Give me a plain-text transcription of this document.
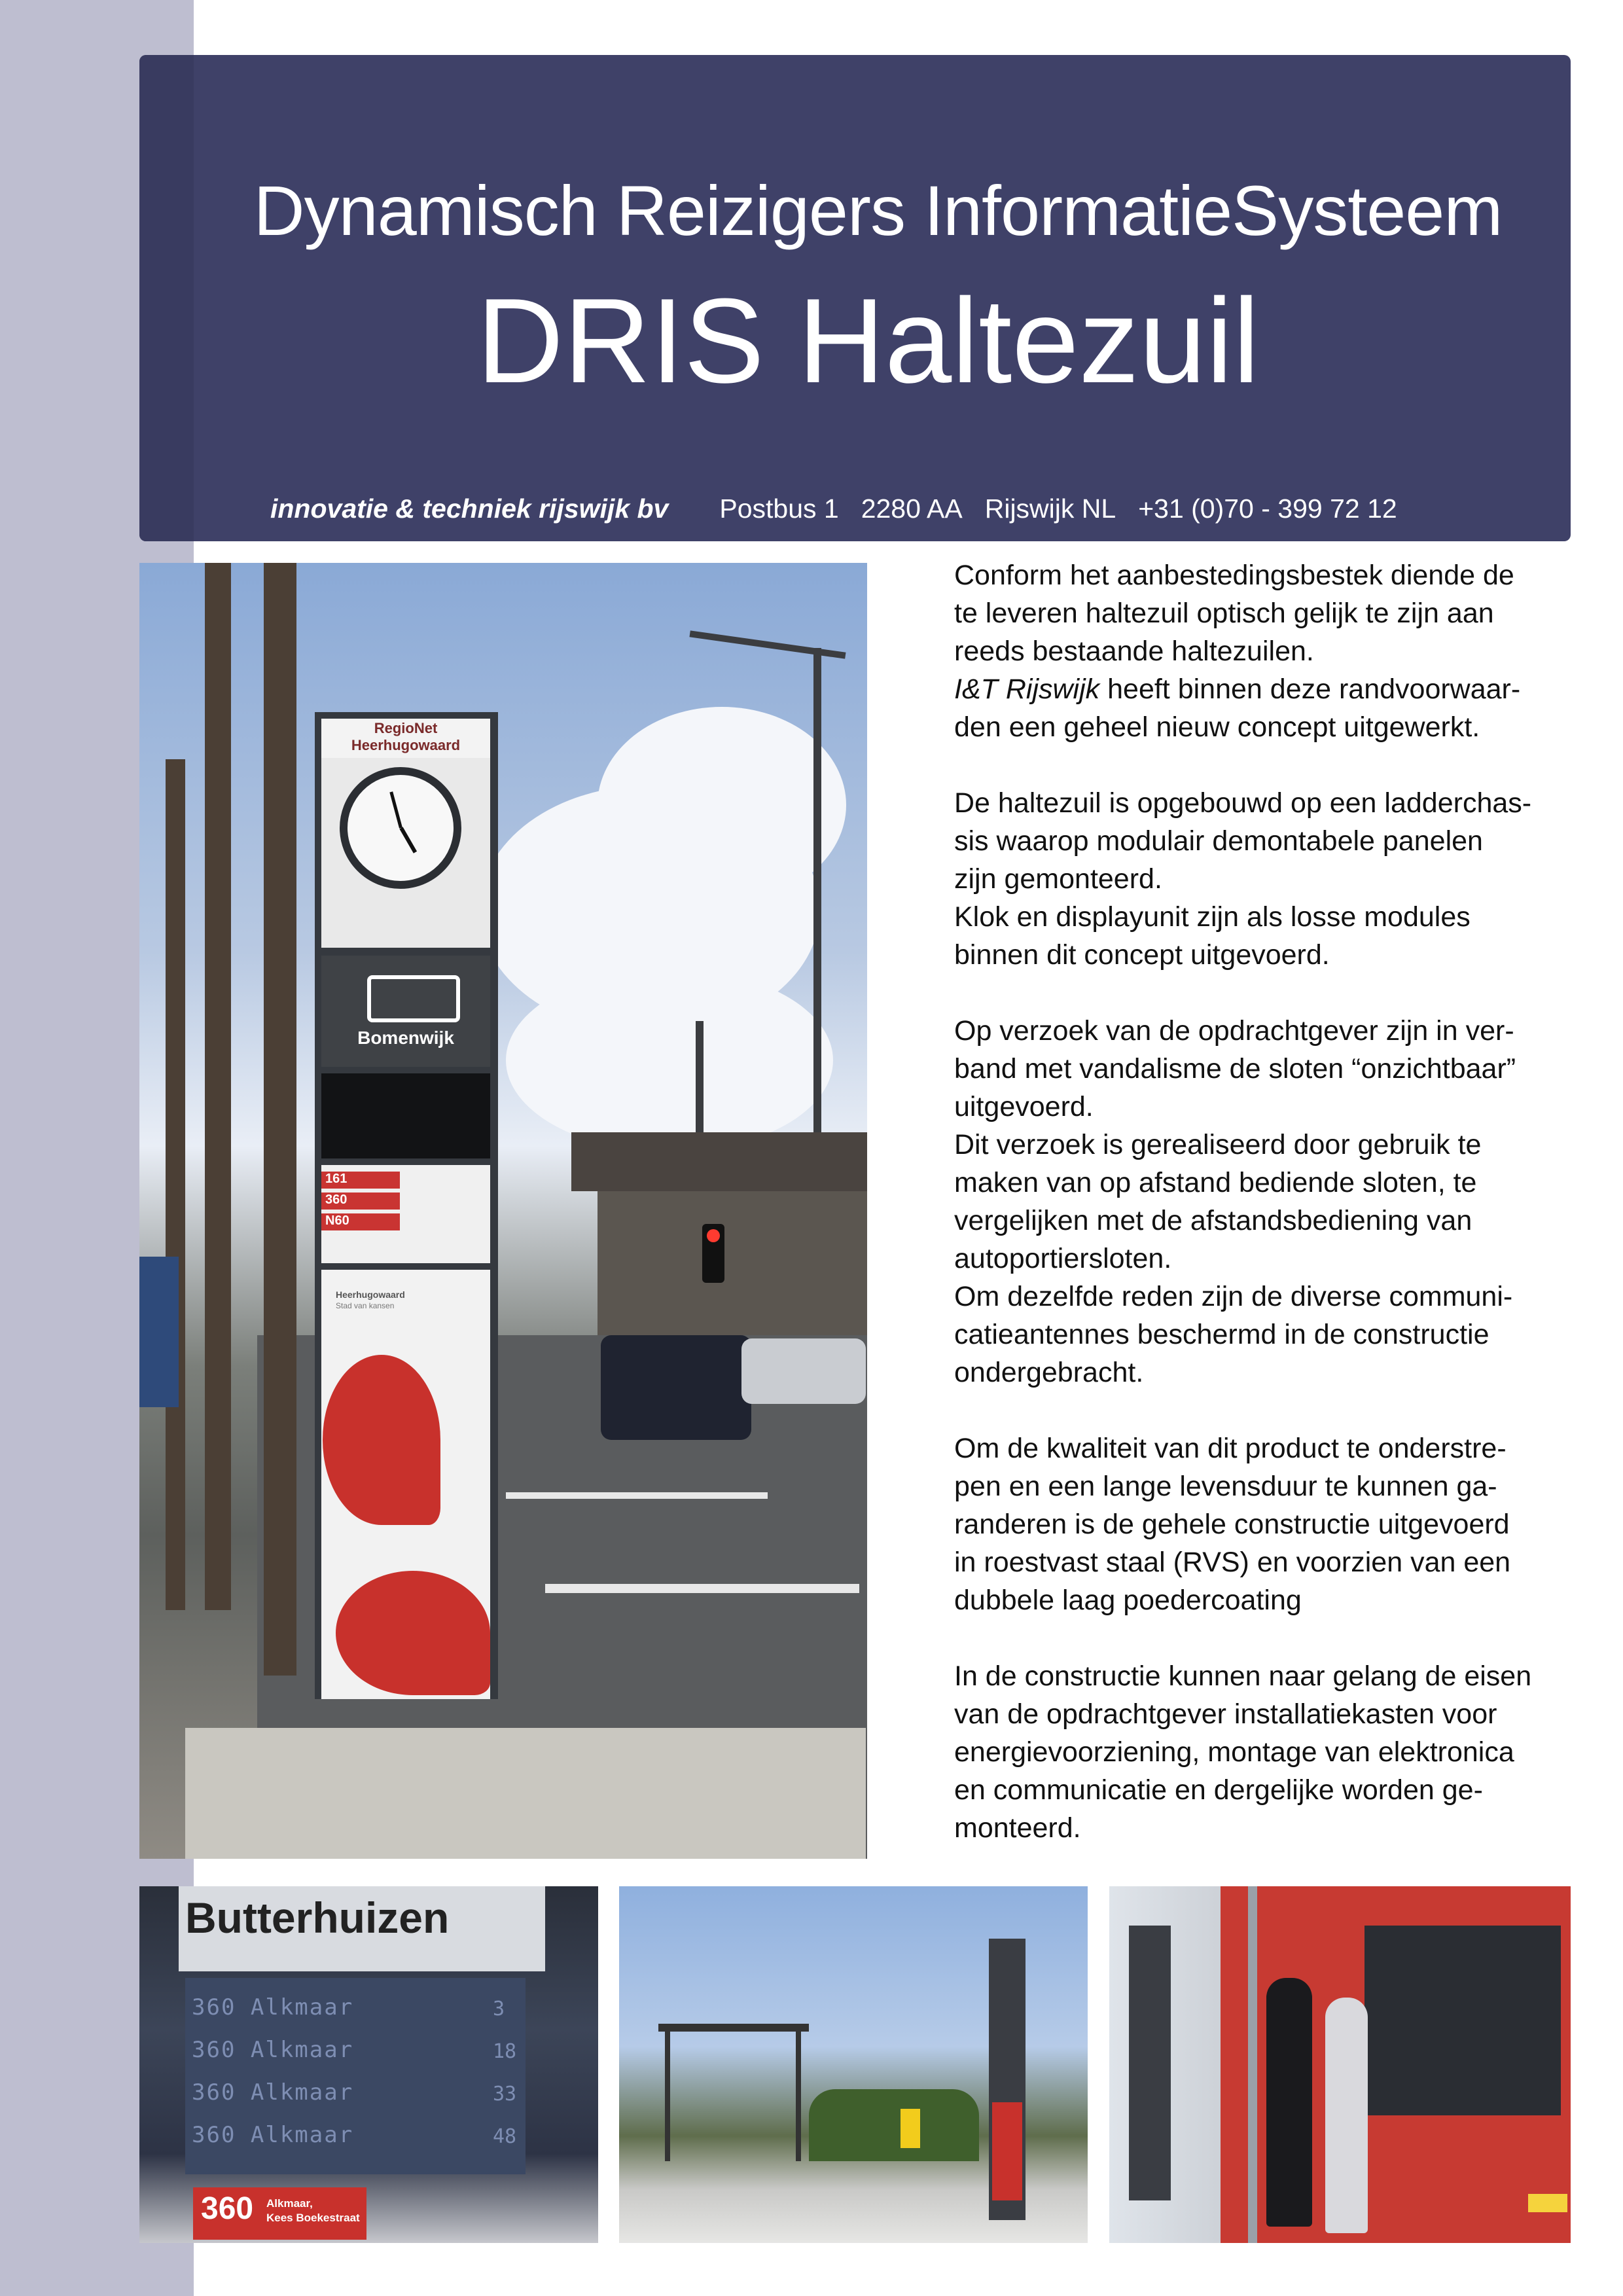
Dynamisch Reizigers InformatieSysteem
DRIS Haltezuil
innovatie & techniek rijswijk bv Postbus 1 2280 AA Rijswijk NL +31 (0)70 - 399 72 12
RegioNet
Heerhugowaard
Bomenwijk
161
360
N60
Heerhugowaard
Stad van kansen

Conform het aanbestedingsbestek diende de
te leveren haltezuil optisch gelijk te zijn aan
reeds bestaande haltezuilen.
I&T Rijswijk heeft binnen deze randvoorwaar-
den een geheel nieuw concept uitgewerkt.

De haltezuil is opgebouwd op een ladderchas-
sis waarop modulair demontabele panelen
zijn gemonteerd.
Klok en displayunit zijn als losse modules
binnen dit concept uitgevoerd.

Op verzoek van de opdrachtgever zijn in ver-
band met vandalisme de sloten “onzichtbaar”
uitgevoerd.
Dit verzoek is gerealiseerd door gebruik te
maken van op afstand bediende sloten, te
vergelijken met de afstandsbediening van
autoportiersloten.
Om dezelfde reden zijn de diverse communi-
catieantennes beschermd in de constructie
ondergebracht.

Om de kwaliteit van dit product te onderstre-
pen en een lange levensduur te kunnen ga-
randeren is de gehele constructie uitgevoerd
in roestvast staal (RVS) en voorzien van een
dubbele laag poedercoating

In de constructie kunnen naar gelang de eisen
van de opdrachtgever installatiekasten voor
energievoorziening, montage van elektronica
en communicatie en dergelijke worden ge-
monteerd.

Butterhuizen
360 Alkmaar	3
360 Alkmaar	18
360 Alkmaar	33
360 Alkmaar	48
360 Alkmaar,
Kees Boekestraat
